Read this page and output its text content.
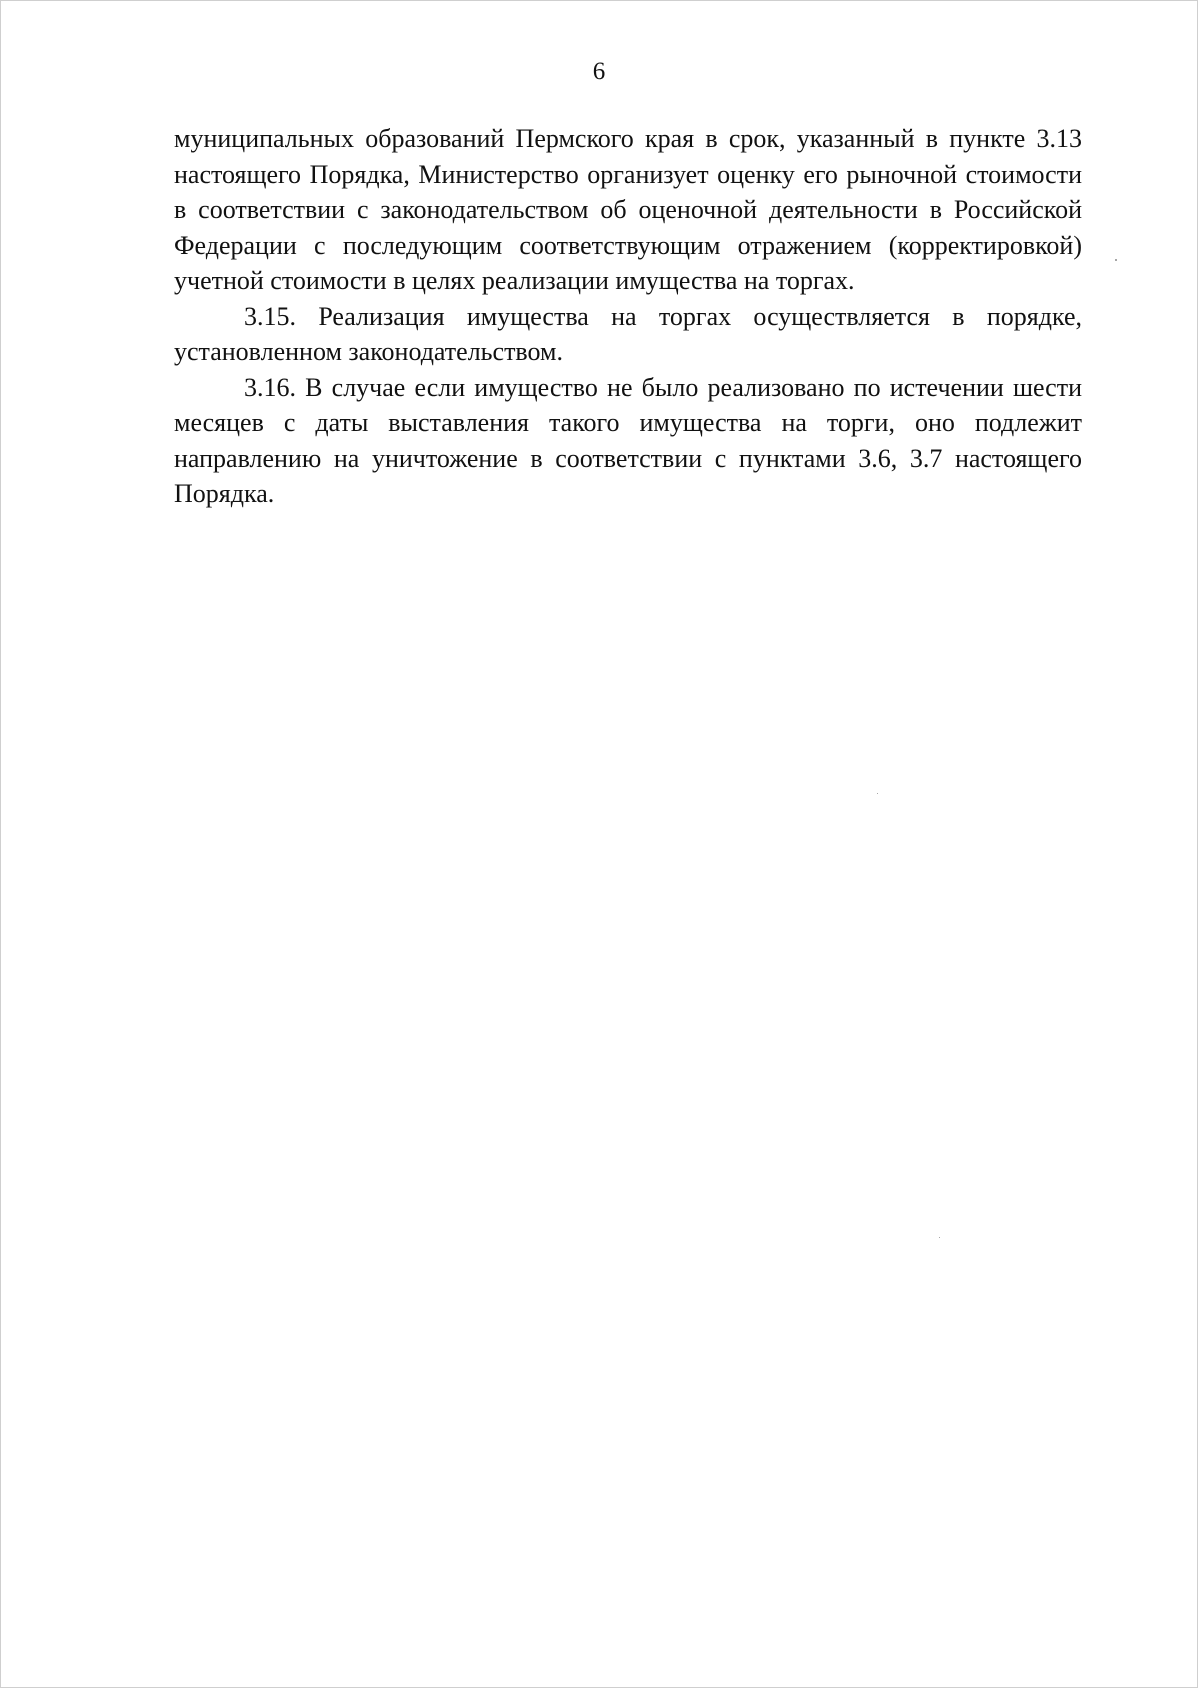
6

муниципальных образований Пермского края в срок, указанный в пункте 3.13 настоящего Порядка, Министерство организует оценку его рыночной стоимости в соответствии с законодательством об оценочной деятельности в Российской Федерации с последующим соответствующим отражением (корректировкой) учетной стоимости в целях реализации имущества на торгах.

3.15. Реализация имущества на торгах осуществляется в порядке, установленном законодательством.

3.16. В случае если имущество не было реализовано по истечении шести месяцев с даты выставления такого имущества на торги, оно подлежит направлению на уничтожение в соответствии с пунктами 3.6, 3.7 настоящего Порядка.
